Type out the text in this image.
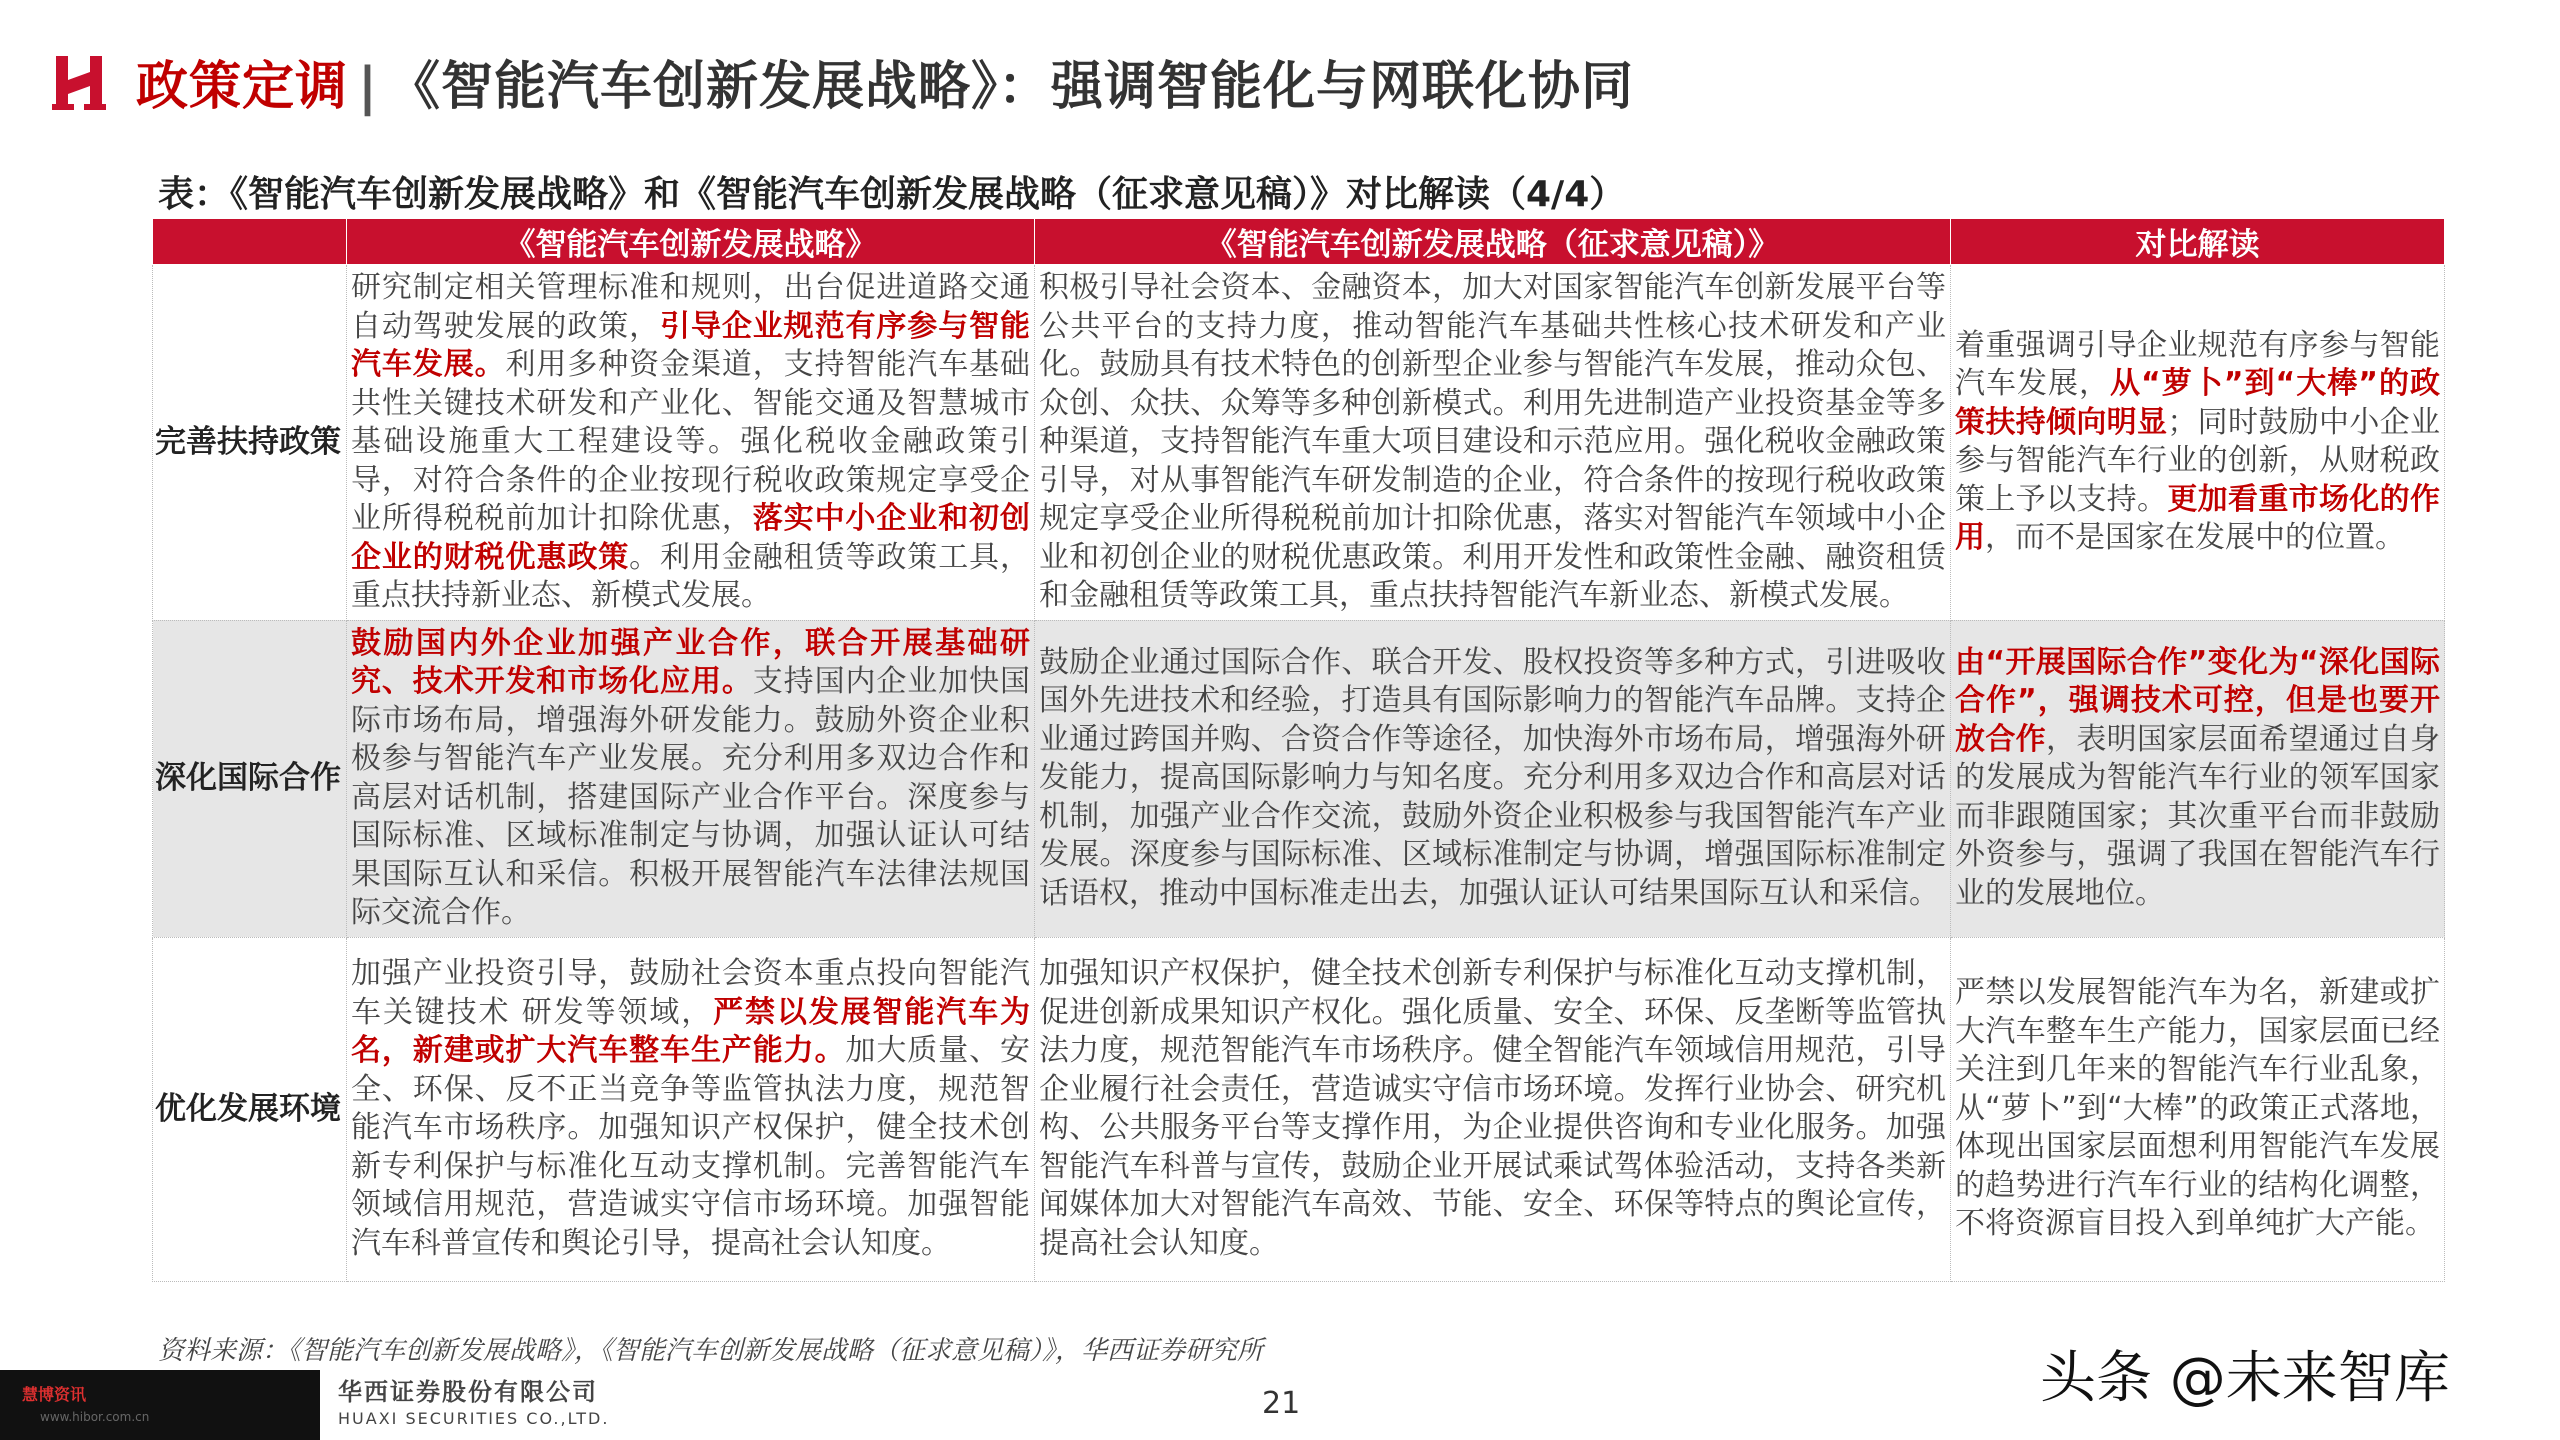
政策定调 | 《智能汽车创新发展战略》：强调智能化与网联化协同
表：《智能汽车创新发展战略》和《智能汽车创新发展战略（征求意见稿）》对比解读（4/4）
	《智能汽车创新发展战略》	《智能汽车创新发展战略（征求意见稿）》	对比解读
完善扶持政策	研究制定相关管理标准和规则，出台促进道路交通自动驾驶发展的政策，引导企业规范有序参与智能汽车发展。利用多种资金渠道，支持智能汽车基础共性关键技术研发和产业化、智能交通及智慧城市基础设施重大工程建设等。强化税收金融政策引导，对符合条件的企业按现行税收政策规定享受企业所得税税前加计扣除优惠，落实中小企业和初创企业的财税优惠政策。利用金融租赁等政策工具，重点扶持新业态、新模式发展。	积极引导社会资本、金融资本，加大对国家智能汽车创新发展平台等公共平台的支持力度，推动智能汽车基础共性核心技术研发和产业化。鼓励具有技术特色的创新型企业参与智能汽车发展，推动众包、众创、众扶、众筹等多种创新模式。利用先进制造产业投资基金等多种渠道，支持智能汽车重大项目建设和示范应用。强化税收金融政策引导，对从事智能汽车研发制造的企业，符合条件的按现行税收政策规定享受企业所得税税前加计扣除优惠，落实对智能汽车领域中小企业和初创企业的财税优惠政策。利用开发性和政策性金融、融资租赁和金融租赁等政策工具，重点扶持智能汽车新业态、新模式发展。	着重强调引导企业规范有序参与智能汽车发展，从“萝卜”到“大棒”的政策扶持倾向明显；同时鼓励中小企业参与智能汽车行业的创新，从财税政策上予以支持。更加看重市场化的作用，而不是国家在发展中的位置。
深化国际合作	鼓励国内外企业加强产业合作，联合开展基础研究、技术开发和市场化应用。支持国内企业加快国际市场布局，增强海外研发能力。鼓励外资企业积极参与智能汽车产业发展。充分利用多双边合作和高层对话机制，搭建国际产业合作平台。深度参与国际标准、区域标准制定与协调，加强认证认可结果国际互认和采信。积极开展智能汽车法律法规国际交流合作。	鼓励企业通过国际合作、联合开发、股权投资等多种方式，引进吸收国外先进技术和经验，打造具有国际影响力的智能汽车品牌。支持企业通过跨国并购、合资合作等途径，加快海外市场布局，增强海外研发能力，提高国际影响力与知名度。充分利用多双边合作和高层对话机制，加强产业合作交流，鼓励外资企业积极参与我国智能汽车产业发展。深度参与国际标准、区域标准制定与协调，增强国际标准制定话语权，推动中国标准走出去，加强认证认可结果国际互认和采信。	由“开展国际合作”变化为“深化国际合作”，强调技术可控，但是也要开放合作，表明国家层面希望通过自身的发展成为智能汽车行业的领军国家而非跟随国家；其次重平台而非鼓励外资参与，强调了我国在智能汽车行业的发展地位。
优化发展环境	加强产业投资引导，鼓励社会资本重点投向智能汽车关键技术 研发等领域，严禁以发展智能汽车为名，新建或扩大汽车整车生产能力。加大质量、安全、环保、反不正当竞争等监管执法力度，规范智能汽车市场秩序。加强知识产权保护，健全技术创新专利保护与标准化互动支撑机制。完善智能汽车领域信用规范，营造诚实守信市场环境。加强智能汽车科普宣传和舆论引导，提高社会认知度。	加强知识产权保护，健全技术创新专利保护与标准化互动支撑机制，促进创新成果知识产权化。强化质量、安全、环保、反垄断等监管执法力度，规范智能汽车市场秩序。健全智能汽车领域信用规范，引导企业履行社会责任，营造诚实守信市场环境。发挥行业协会、研究机构、公共服务平台等支撑作用，为企业提供咨询和专业化服务。加强智能汽车科普与宣传，鼓励企业开展试乘试驾体验活动，支持各类新闻媒体加大对智能汽车高效、节能、安全、环保等特点的舆论宣传，提高社会认知度。	严禁以发展智能汽车为名，新建或扩大汽车整车生产能力，国家层面已经关注到几年来的智能汽车行业乱象，从“萝卜”到“大棒”的政策正式落地，体现出国家层面想利用智能汽车发展的趋势进行汽车行业的结构化调整，不将资源盲目投入到单纯扩大产能。
资料来源：《智能汽车创新发展战略》，《智能汽车创新发展战略（征求意见稿）》，华西证券研究所
慧博资讯
www.hibor.com.cn
华西证券股份有限公司
HUAXI SECURITIES CO.,LTD.	21	头条 @未来智库
